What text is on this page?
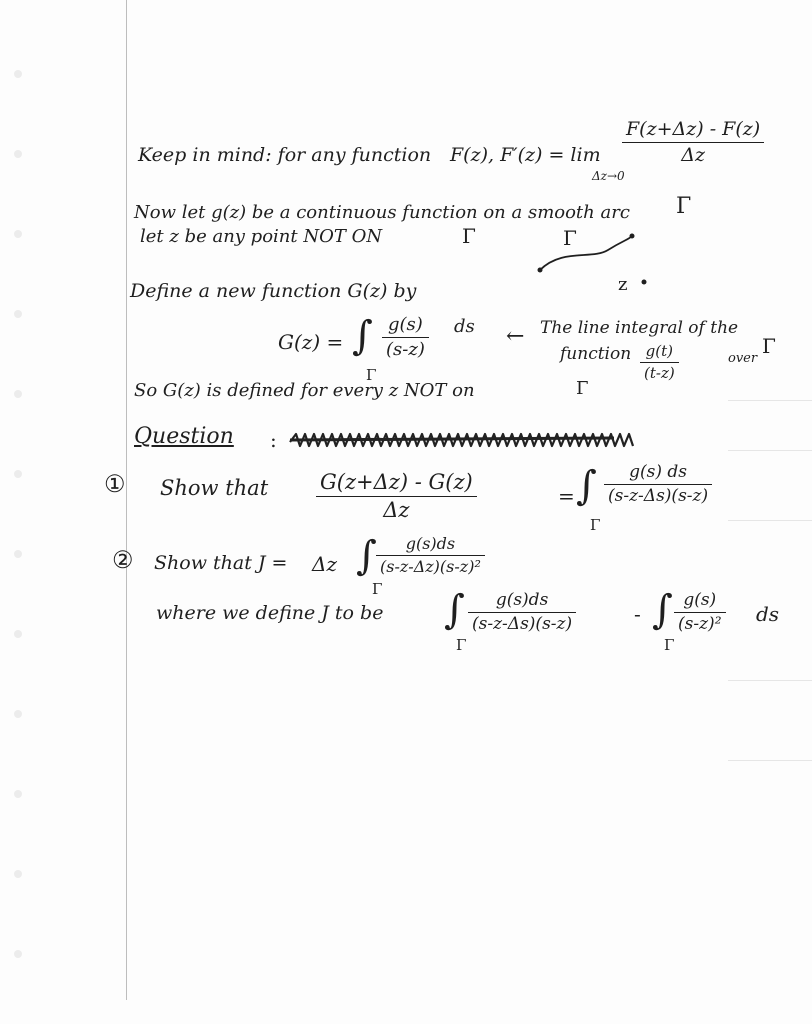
Keep in mind: for any function F(z), F′(z) = lim
Δz→0
F(z+Δz) - F(z)
Δz
Now let g(z) be a continuous function on a smooth arc Γ
let z be any point NOT ON	Γ	Γ
z
Define a new function G(z) by
G(z) = ∫
Γ
g(s)
(s-z)
ds ← The line integral of the
function g(t)
(t-z)
over
Γ
So G(z) is defined for every z NOT on	Γ
Question :
① Show that G(z+Δz) - G(z)
Δz
= ∫
Γ
g(s) ds
(s-z-Δs)(s-z)
② Show that J = Δz ∫
Γ
g(s)ds
(s-z-Δz)(s-z)²
where we define J to be ∫
Γ
g(s)ds
(s-z-Δs)(s-z)	- ∫
Γ
g(s)
(s-z)² ds
